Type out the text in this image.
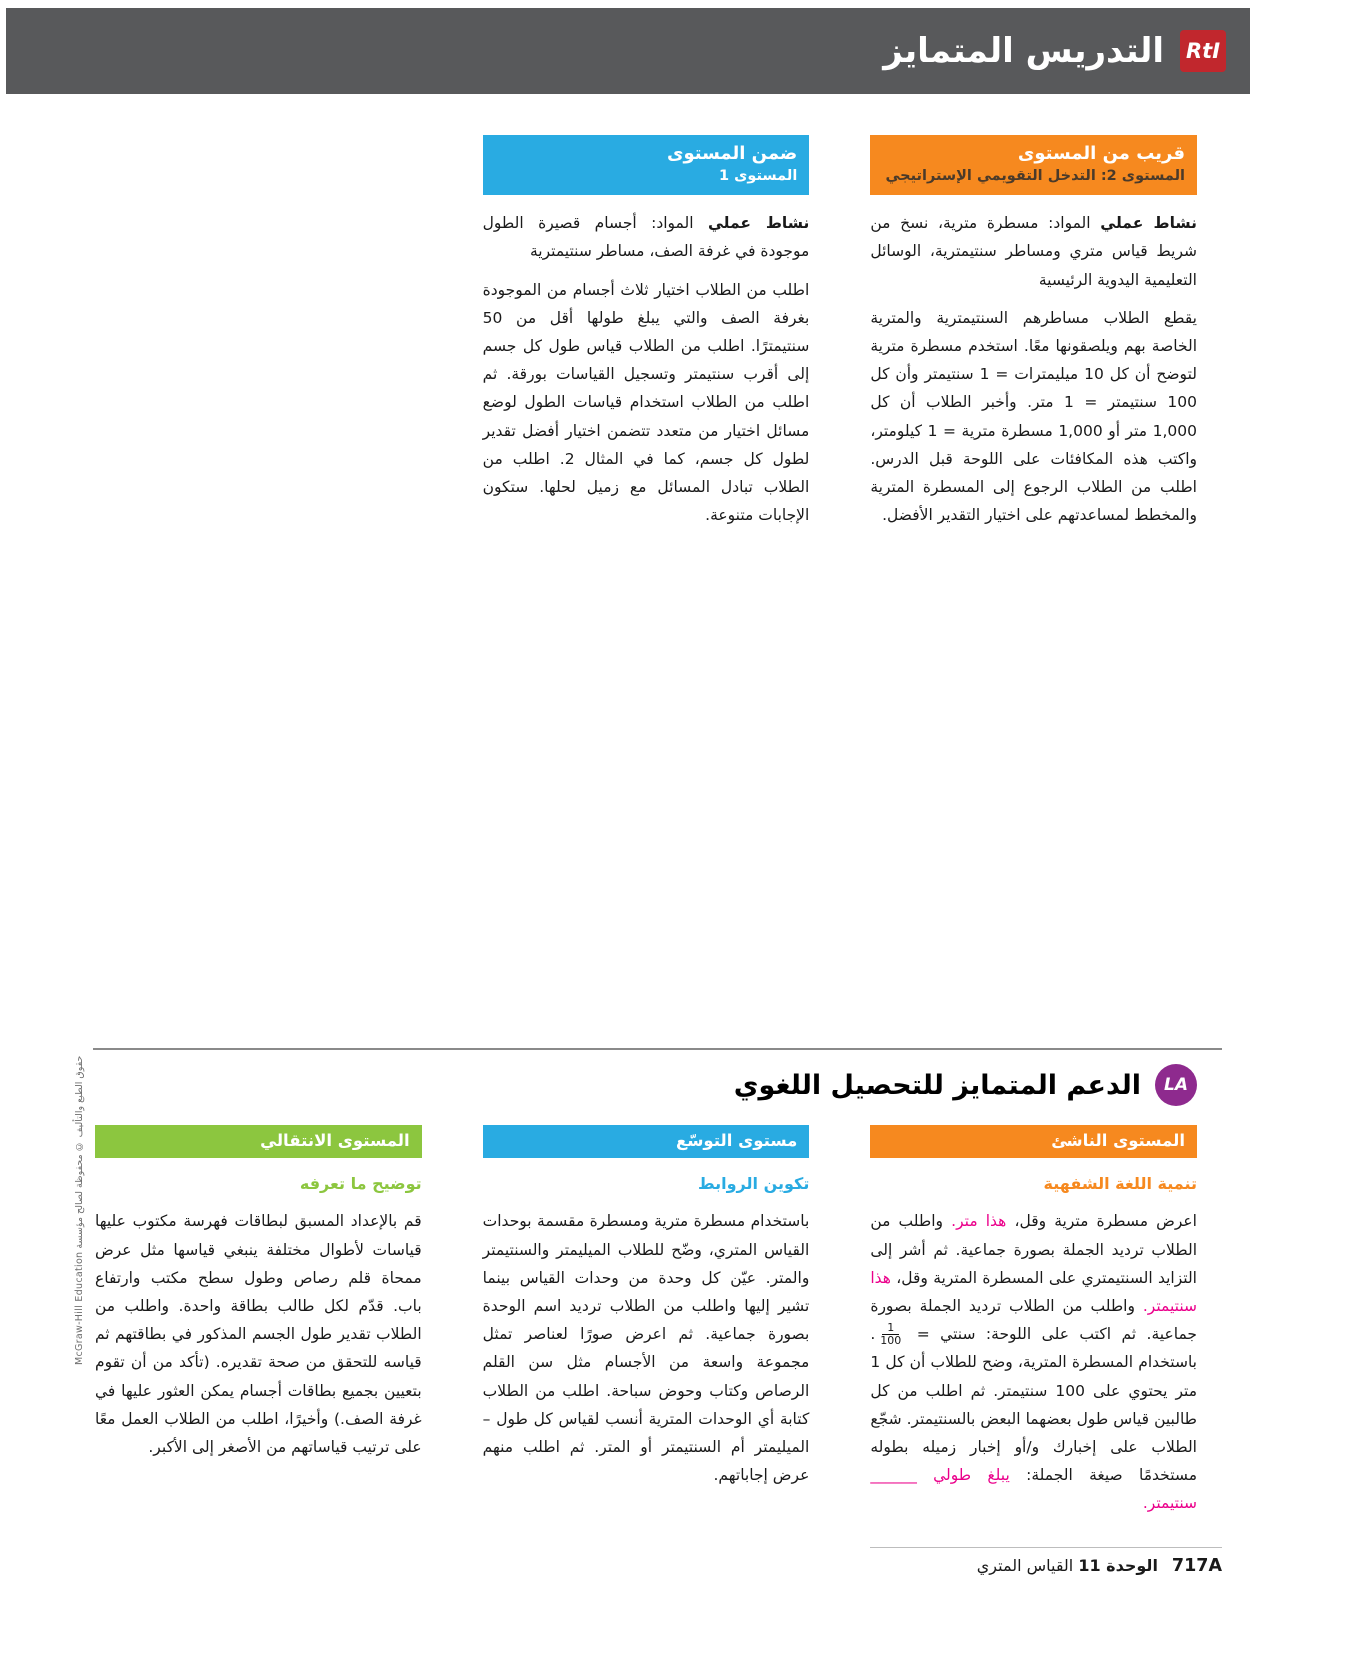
RtI
التدريس المتمايز
قريب من المستوى
المستوى 2: التدخل التقويمي الإستراتيجي

نشاط عملي المواد: مسطرة مترية، نسخ من شريط قياس متري ومساطر سنتيمترية، الوسائل التعليمية اليدوية الرئيسية

يقطع الطلاب مساطرهم السنتيمترية والمترية الخاصة بهم ويلصقونها معًا. استخدم مسطرة مترية لتوضح أن كل 10 ميليمترات = 1 سنتيمتر وأن كل 100 سنتيمتر = 1 متر. وأخبر الطلاب أن كل 1,000 متر أو 1,000 مسطرة مترية = 1 كيلومتر، واكتب هذه المكافئات على اللوحة قبل الدرس. اطلب من الطلاب الرجوع إلى المسطرة المترية والمخطط لمساعدتهم على اختيار التقدير الأفضل.

ضمن المستوى
المستوى 1

نشاط عملي المواد: أجسام قصيرة الطول موجودة في غرفة الصف، مساطر سنتيمترية

اطلب من الطلاب اختيار ثلاث أجسام من الموجودة بغرفة الصف والتي يبلغ طولها أقل من 50 سنتيمترًا. اطلب من الطلاب قياس طول كل جسم إلى أقرب سنتيمتر وتسجيل القياسات بورقة. ثم اطلب من الطلاب استخدام قياسات الطول لوضع مسائل اختيار من متعدد تتضمن اختيار أفضل تقدير لطول كل جسم، كما في المثال 2. اطلب من الطلاب تبادل المسائل مع زميل لحلها. ستكون الإجابات متنوعة.

LA
الدعم المتمايز للتحصيل اللغوي
المستوى الناشئ
تنمية اللغة الشفهية

اعرض مسطرة مترية وقل، هذا متر. واطلب من الطلاب ترديد الجملة بصورة جماعية. ثم أشر إلى التزايد السنتيمتري على المسطرة المترية وقل، هذا سنتيمتر. واطلب من الطلاب ترديد الجملة بصورة جماعية. ثم اكتب على اللوحة: سنتي =
$\frac{1}{100}$
. باستخدام المسطرة المترية، وضح للطلاب أن كل 1 متر يحتوي على 100 سنتيمتر. ثم اطلب من كل طالبين قياس طول بعضهما البعض بالسنتيمتر. شجّع الطلاب على إخبارك و/أو إخبار زميله بطوله مستخدمًا صيغة الجملة: يبلغ طولي ______ سنتيمتر.

مستوى التوسّع
تكوين الروابط

باستخدام مسطرة مترية ومسطرة مقسمة بوحدات القياس المتري، وضّح للطلاب الميليمتر والسنتيمتر والمتر. عيّن كل وحدة من وحدات القياس بينما تشير إليها واطلب من الطلاب ترديد اسم الوحدة بصورة جماعية. ثم اعرض صورًا لعناصر تمثل مجموعة واسعة من الأجسام مثل سن القلم الرصاص وكتاب وحوض سباحة. اطلب من الطلاب كتابة أي الوحدات المترية أنسب لقياس كل طول – الميليمتر أم السنتيمتر أو المتر. ثم اطلب منهم عرض إجاباتهم.

المستوى الانتقالي
توضيح ما تعرفه

قم بالإعداد المسبق لبطاقات فهرسة مكتوب عليها قياسات لأطوال مختلفة ينبغي قياسها مثل عرض ممحاة قلم رصاص وطول سطح مكتب وارتفاع باب. قدّم لكل طالب بطاقة واحدة. واطلب من الطلاب تقدير طول الجسم المذكور في بطاقتهم ثم قياسه للتحقق من صحة تقديره. (تأكد من أن تقوم بتعيين بجميع بطاقات أجسام يمكن العثور عليها في غرفة الصف.) وأخيرًا، اطلب من الطلاب العمل معًا على ترتيب قياساتهم من الأصغر إلى الأكبر.

717A
الوحدة 11 القياس المتري
حقوق الطبع والتأليف © محفوظة لصالح مؤسسة McGraw-Hill Education
